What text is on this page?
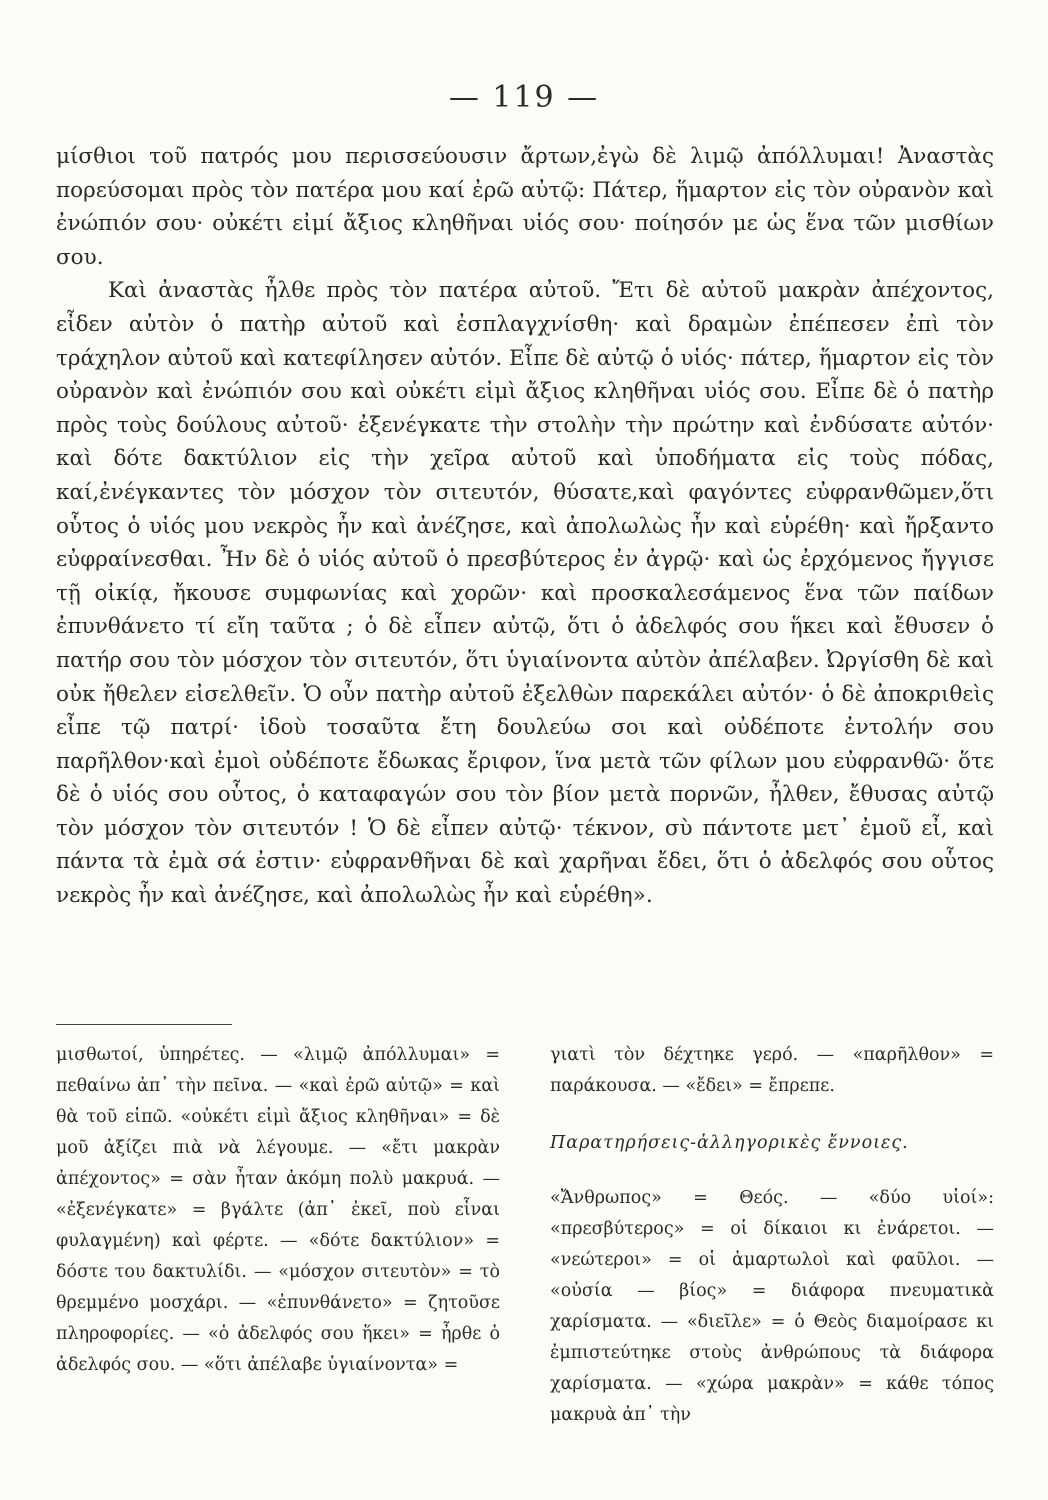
— 119 —

μίσθιοι τοῦ πατρός μου περισσεύουσιν ἄρτων,ἐγὼ δὲ λιμῷ ἀπόλλυμαι! Ἀναστὰς πορεύσομαι πρὸς τὸν πατέρα μου καί ἐρῶ αὐτῷ: Πάτερ, ἥμαρτον εἰς τὸν οὐρανὸν καὶ ἐνώπιόν σου· οὐκέτι εἰμί ἄξιος κληθῆναι υἱός σου· ποίησόν με ὡς ἕνα τῶν μισθίων σου.

Καὶ ἀναστὰς ἦλθε πρὸς τὸν πατέρα αὐτοῦ. Ἔτι δὲ αὐτοῦ μακρὰν ἀπέχοντος, εἶδεν αὐτὸν ὁ πατὴρ αὐτοῦ καὶ ἐσπλαγχνίσθη· καὶ δραμὼν ἐπέπεσεν ἐπὶ τὸν τράχηλον αὐτοῦ καὶ κατεφίλησεν αὐτόν. Εἶπε δὲ αὐτῷ ὁ υἱός· πάτερ, ἥμαρτον εἰς τὸν οὐρανὸν καὶ ἐνώπιόν σου καὶ οὐκέτι εἰμὶ ἄξιος κληθῆναι υἱός σου. Εἶπε δὲ ὁ πατὴρ πρὸς τοὺς δούλους αὐτοῦ· ἐξενέγκατε τὴν στολὴν τὴν πρώτην καὶ ἐνδύσατε αὐτόν· καὶ δότε δακτύλιον εἰς τὴν χεῖρα αὐτοῦ καὶ ὑποδήματα εἰς τοὺς πόδας, καί,ἐνέγκαντες τὸν μόσχον τὸν σιτευτόν, θύσατε,καὶ φαγόντες εὐφρανθῶμεν,ὅτι οὗτος ὁ υἱός μου νεκρὸς ἦν καὶ ἀνέζησε, καὶ ἀπολωλὼς ἦν καὶ εὑρέθη· καὶ ἤρξαντο εὐφραίνεσθαι. Ἦν δὲ ὁ υἱός αὐτοῦ ὁ πρεσβύτερος ἐν ἀγρῷ· καὶ ὡς ἐρχόμενος ἤγγισε τῇ οἰκίᾳ, ἤκουσε συμφωνίας καὶ χορῶν· καὶ προσκαλεσάμενος ἕνα τῶν παίδων ἐπυνθάνετο τί εἴη ταῦτα ; ὁ δὲ εἶπεν αὐτῷ, ὅτι ὁ ἀδελφός σου ἥκει καὶ ἔθυσεν ὁ πατήρ σου τὸν μόσχον τὸν σιτευτόν, ὅτι ὑγιαίνοντα αὐτὸν ἀπέλαβεν. Ὠργίσθη δὲ καὶ οὐκ ἤθελεν εἰσελθεῖν. Ὁ οὖν πατὴρ αὐτοῦ ἐξελθὼν παρεκάλει αὐτόν· ὁ δὲ ἀποκριθεὶς εἶπε τῷ πατρί· ἰδοὺ τοσαῦτα ἔτη δουλεύω σοι καὶ οὐδέποτε ἐντολήν σου παρῆλθον·καὶ ἐμοὶ οὐδέποτε ἔδωκας ἔριφον, ἵνα μετὰ τῶν φίλων μου εὐφρανθῶ· ὅτε δὲ ὁ υἱός σου οὗτος, ὁ καταφαγών σου τὸν βίον μετὰ πορνῶν, ἦλθεν, ἔθυσας αὐτῷ τὸν μόσχον τὸν σιτευτόν ! Ὁ δὲ εἶπεν αὐτῷ· τέκνον, σὺ πάντοτε μετ᾿ ἐμοῦ εἶ, καὶ πάντα τὰ ἐμὰ σά ἐστιν· εὐφρανθῆναι δὲ καὶ χαρῆναι ἔδει, ὅτι ὁ ἀδελφός σου οὗτος νεκρὸς ἦν καὶ ἀνέζησε, καὶ ἀπολωλὼς ἦν καὶ εὑρέθη».

μισθωτοί, ὑπηρέτες. — «λιμῷ ἀπόλλυμαι» = πεθαίνω ἀπ᾿ τὴν πεῖνα. — «καὶ ἐρῶ αὐτῷ» = καὶ θὰ τοῦ εἰπῶ. «οὐκέτι εἰμὶ ἄξιος κληθῆναι» = δὲ μοῦ ἀξίζει πιὰ νὰ λέγουμε. — «ἔτι μακρὰν ἀπέχοντος» = σὰν ἦταν ἀκόμη πολὺ μακρυά. — «ἐξενέγκατε» = βγάλτε (ἀπ᾿ ἐκεῖ, ποὺ εἶναι φυλαγμένη) καὶ φέρτε. — «δότε δακτύλιον» = δόστε του δακτυλίδι. — «μόσχον σιτευτὸν» = τὸ θρεμμένο μοσχάρι. — «ἐπυνθάνετο» = ζητοῦσε πληροφορίες. — «ὁ ἀδελφός σου ἥκει» = ἦρθε ὁ ἀδελφός σου. — «ὅτι ἀπέλαβε ὑγιαίνοντα» =

γιατὶ τὸν δέχτηκε γερό. — «παρῆλθον» = παράκουσα. — «ἔδει» = ἔπρεπε.

Παρατηρήσεις-ἀλληγορικὲς ἔννοιες.

«Ἄνθρωπος» = Θεός. — «δύο υἱοί»: «πρεσβύτερος» = οἱ δίκαιοι κι ἐνάρετοι. — «νεώτεροι» = οἱ ἁμαρτωλοὶ καὶ φαῦλοι. — «οὐσία — βίος» = διάφορα πνευματικὰ χαρίσματα. — «διεῖλε» = ὁ Θεὸς διαμοίρασε κι ἐμπιστεύτηκε στοὺς ἀνθρώπους τὰ διάφορα χαρίσματα. — «χώρα μακρὰν» = κάθε τόπος μακρυὰ ἀπ᾿ τὴν
